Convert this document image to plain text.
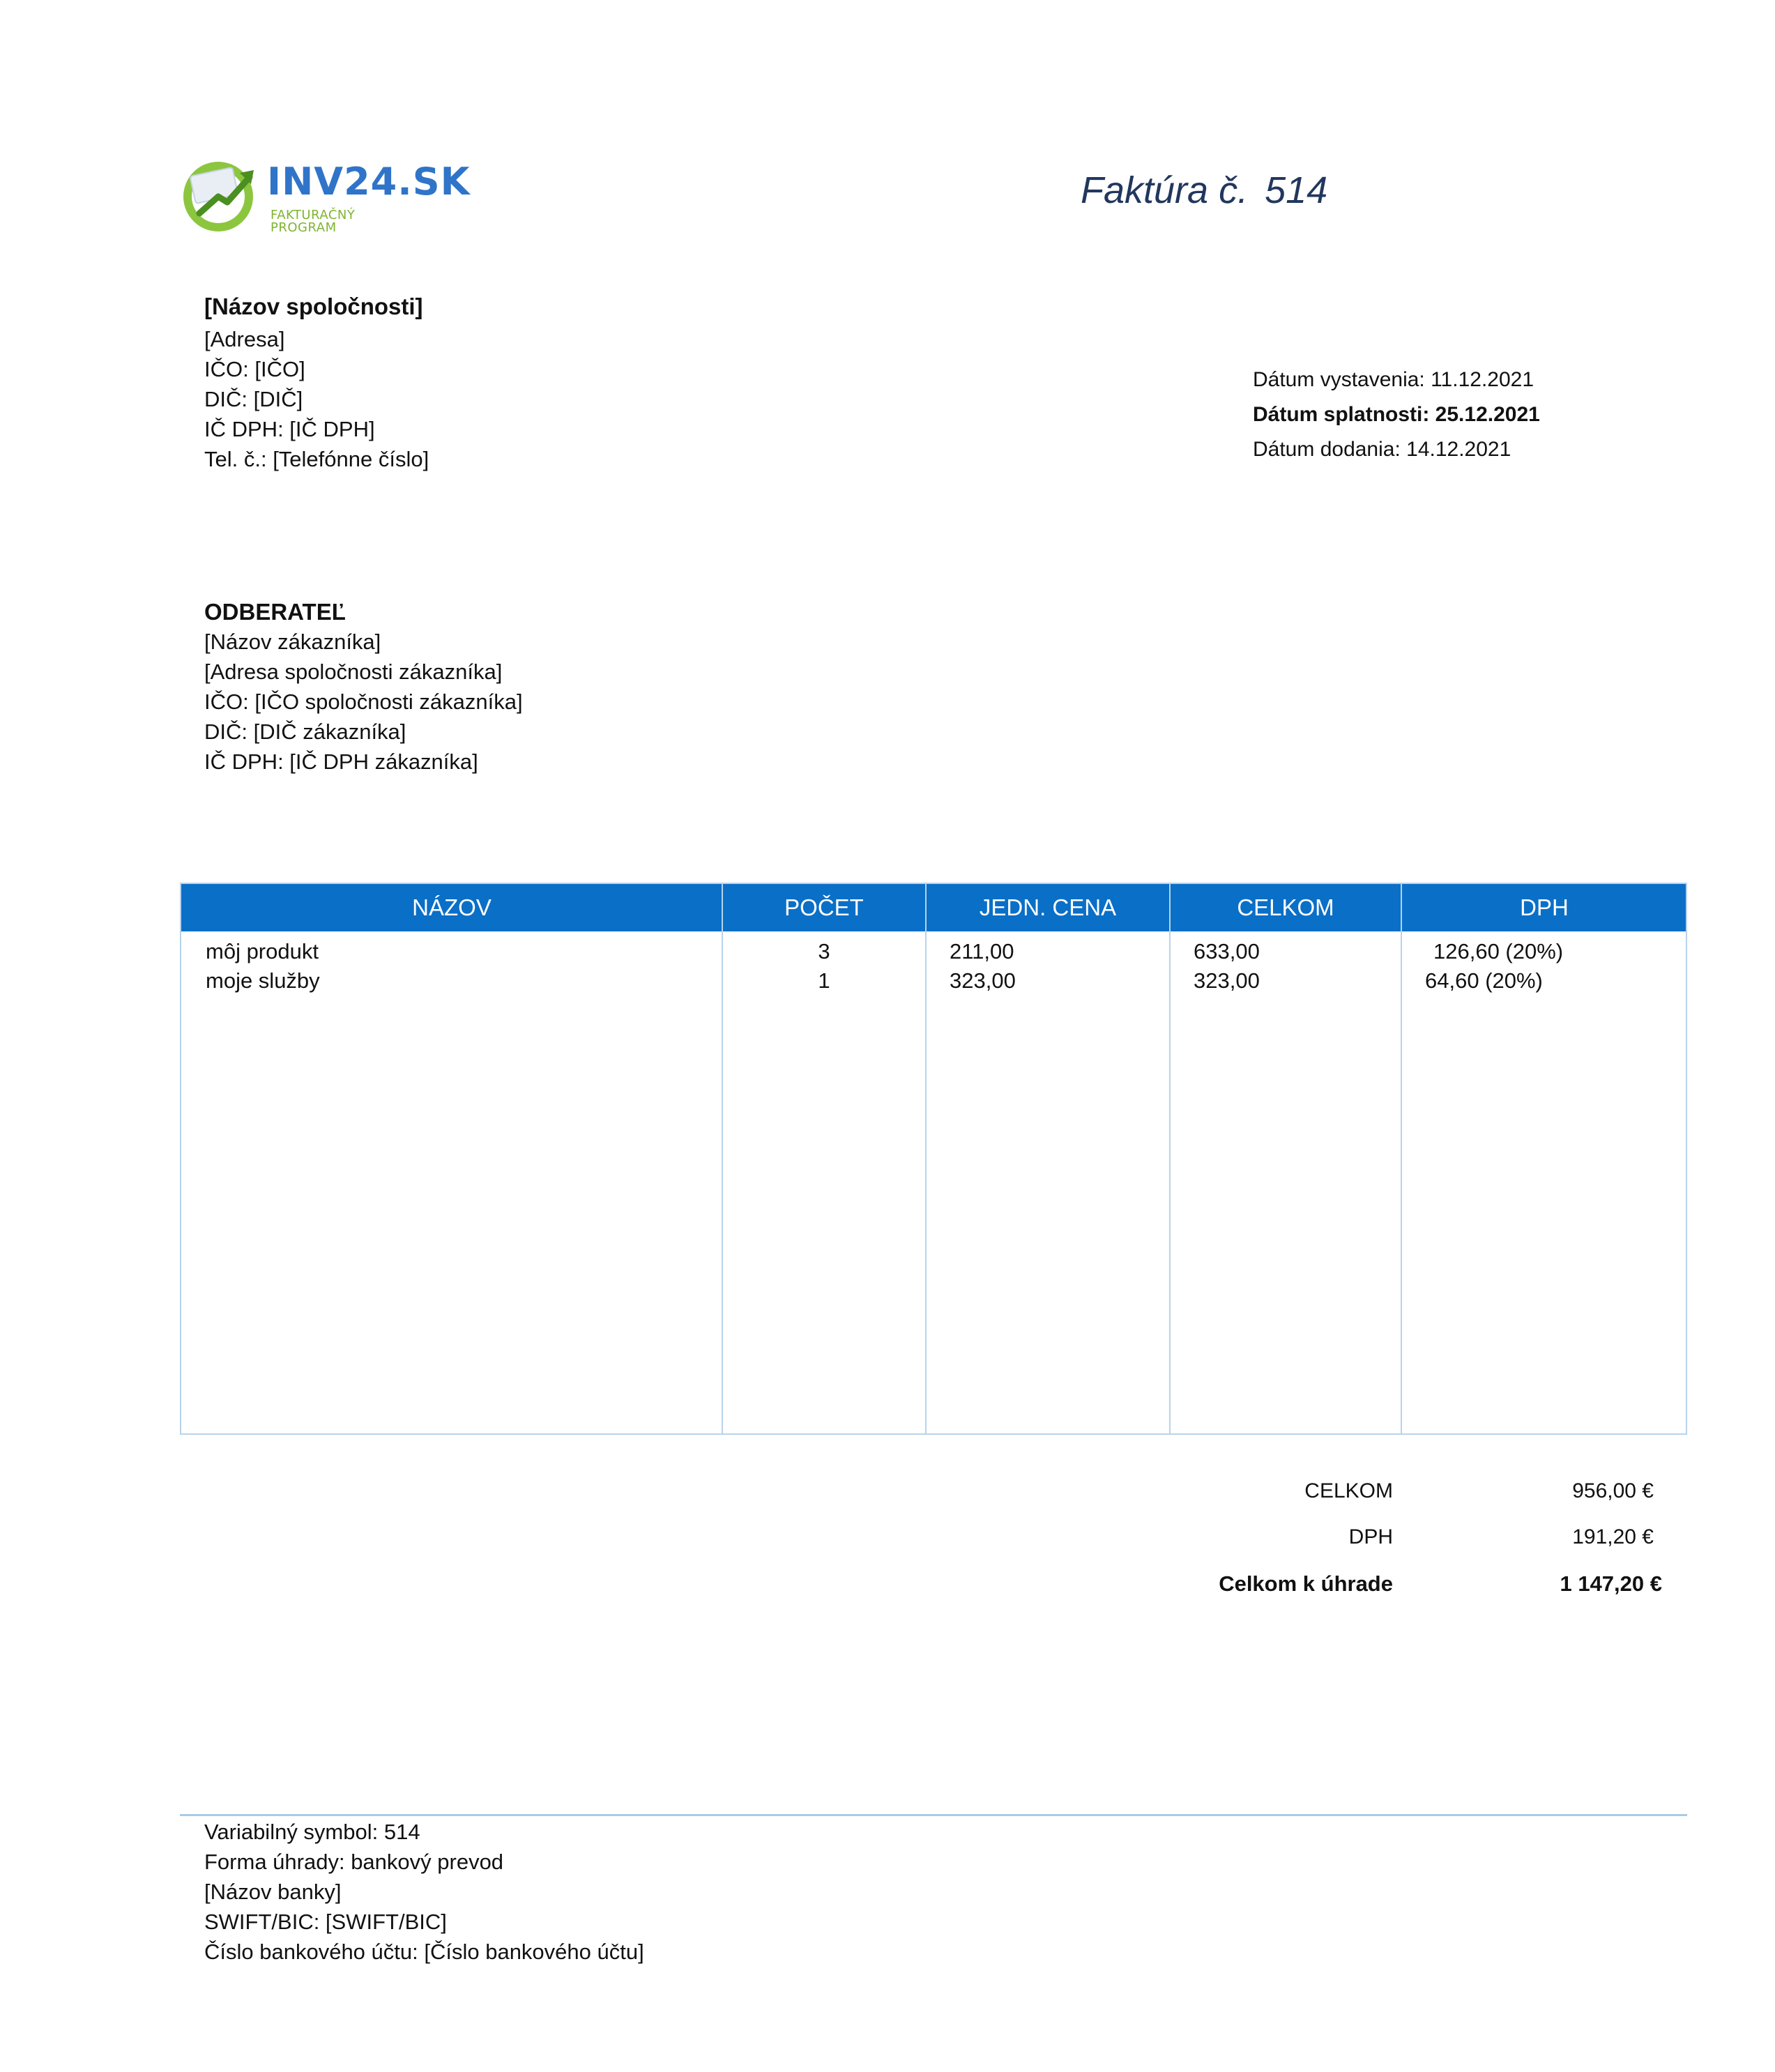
INV24.SK
FAKTURAČNÝ PROGRAM
Faktúra č. 514
[Názov spoločnosti]
[Adresa]
IČO: [IČO]
DIČ: [DIČ]
IČ DPH: [IČ DPH]
Tel. č.: [Telefónne číslo]
Dátum vystavenia: 11.12.2021
Dátum splatnosti: 25.12.2021
Dátum dodania: 14.12.2021
ODBERATEĽ
[Názov zákazníka]
[Adresa spoločnosti zákazníka]
IČO: [IČO spoločnosti zákazníka]
DIČ: [DIČ zákazníka]
IČ DPH: [IČ DPH zákazníka]
NÁZOV	POČET	JEDN. CENA	CELKOM	DPH
môj produkt	3	211,00	633,00	126,60 (20%)
moje služby	1	323,00	323,00	64,60 (20%)
CELKOM	956,00 €
DPH	191,20 €
Celkom k úhrade	1 147,20 €
Variabilný symbol: 514
Forma úhrady: bankový prevod
[Názov banky]
SWIFT/BIC: [SWIFT/BIC]
Číslo bankového účtu: [Číslo bankového účtu]
